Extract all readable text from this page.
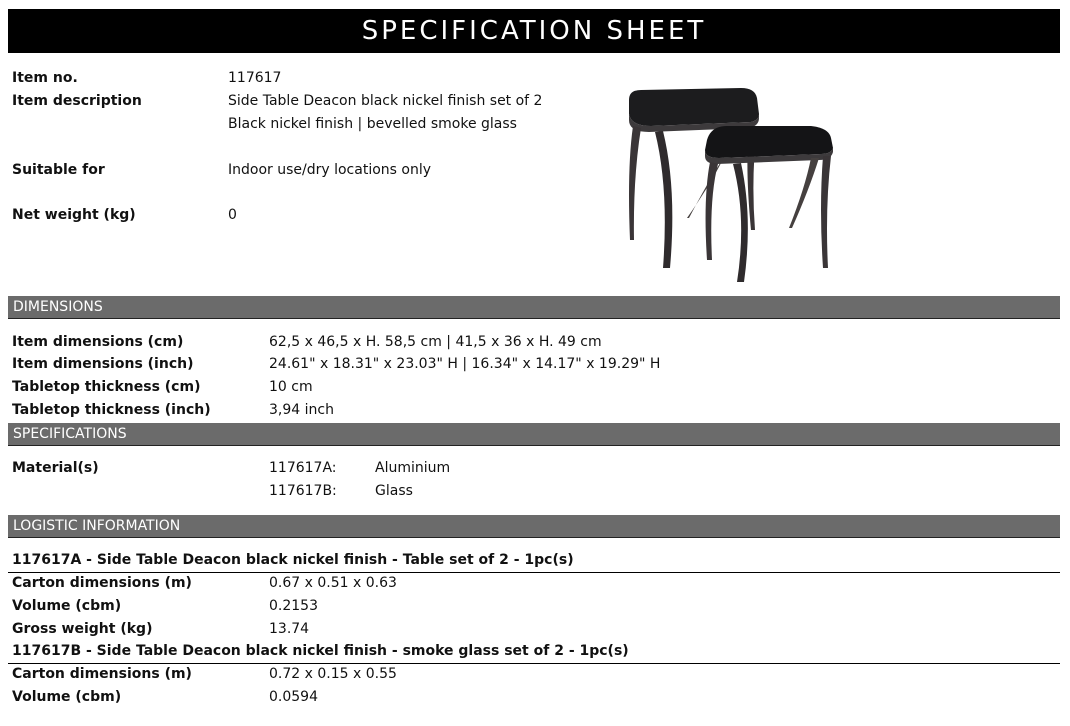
SPECIFICATION SHEET
Item no.	117617
Item description	Side Table Deacon black nickel finish set of 2
Black nickel finish | bevelled smoke glass
Suitable for	Indoor use/dry locations only
Net weight (kg)	0
DIMENSIONS
Item dimensions (cm)	62,5 x 46,5 x H. 58,5 cm | 41,5 x 36 x H. 49 cm
Item dimensions (inch)	24.61" x 18.31" x 23.03" H | 16.34" x 14.17" x 19.29" H
Tabletop thickness (cm)	10 cm
Tabletop thickness (inch)	3,94 inch
SPECIFICATIONS
Material(s)	117617A:	Aluminium
117617B:	Glass
LOGISTIC INFORMATION
117617A - Side Table Deacon black nickel finish - Table set of 2 - 1pc(s)
Carton dimensions (m)	0.67 x 0.51 x 0.63
Volume (cbm)	0.2153
Gross weight (kg)	13.74
117617B - Side Table Deacon black nickel finish - smoke glass set of 2 - 1pc(s)
Carton dimensions (m)	0.72 x 0.15 x 0.55
Volume (cbm)	0.0594
